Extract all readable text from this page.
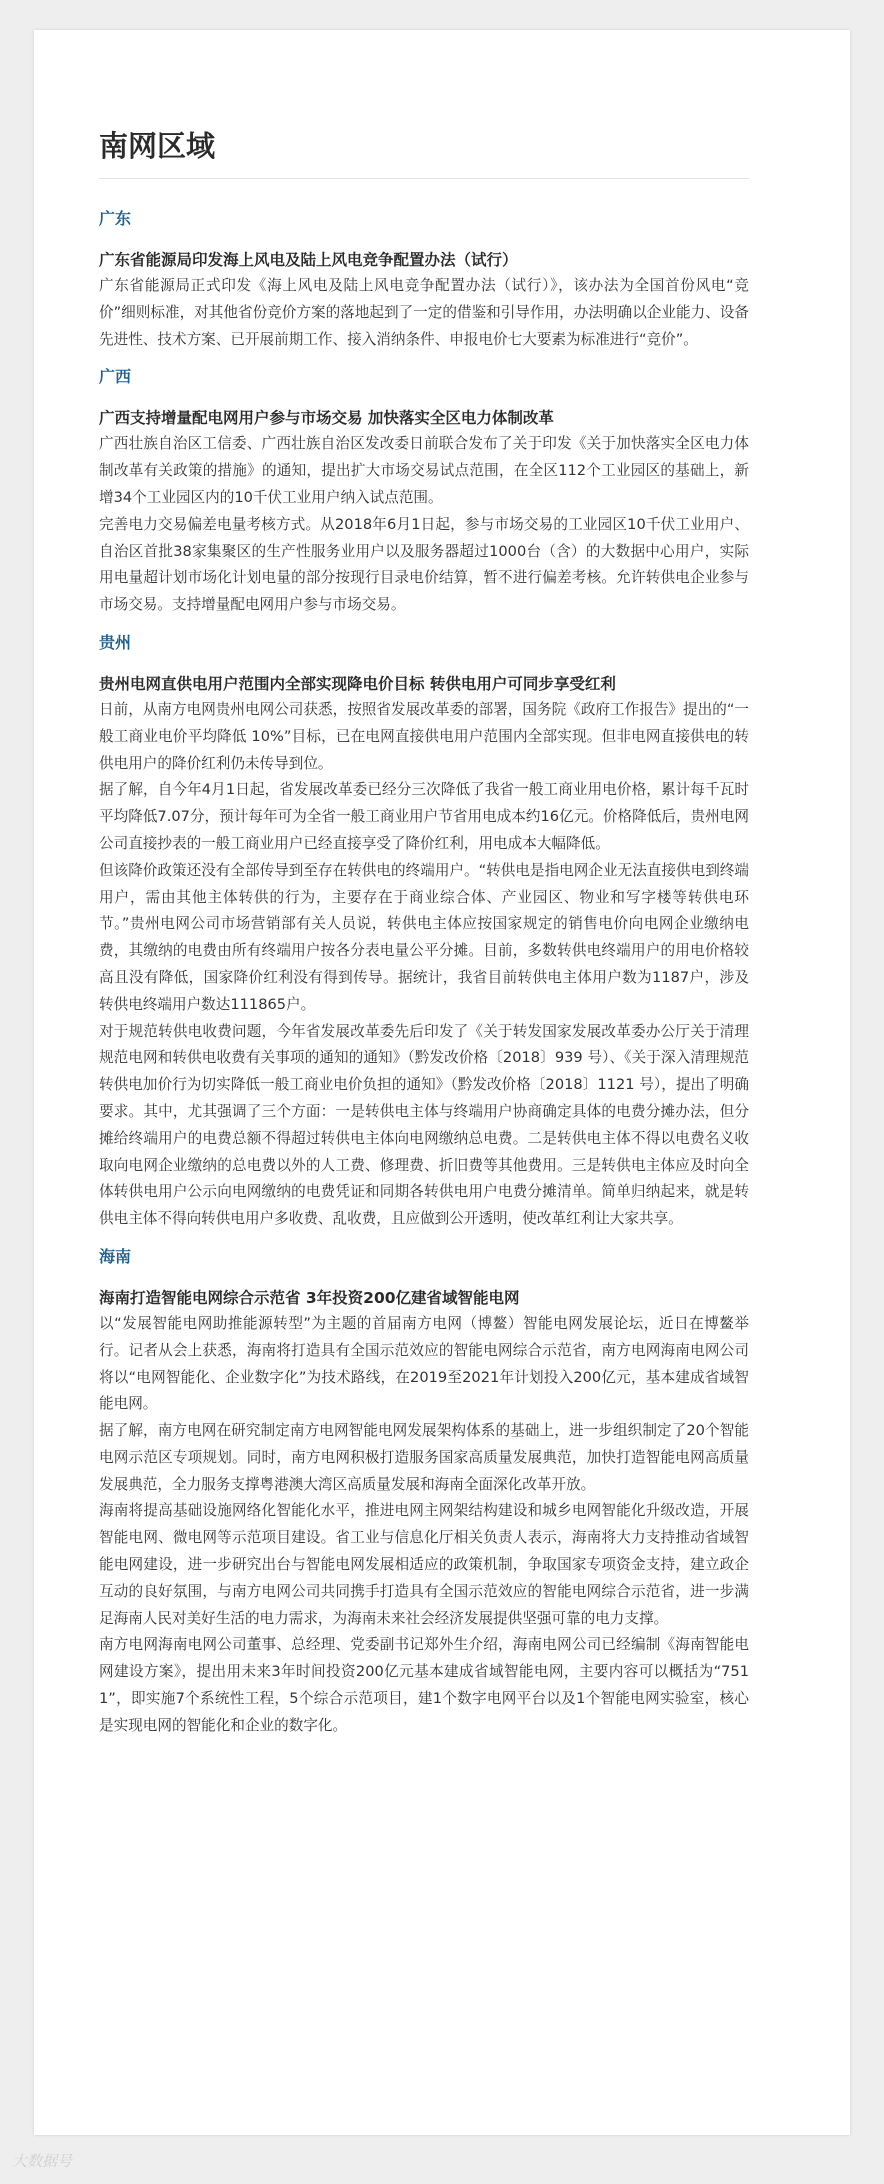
南网区域
广东
广东省能源局印发海上风电及陆上风电竞争配置办法（试行）

广东省能源局正式印发《海上风电及陆上风电竞争配置办法（试行）》，该办法为全国首份风电“竞价”细则标准，对其他省份竞价方案的落地起到了一定的借鉴和引导作用，办法明确以企业能力、设备先进性、技术方案、已开展前期工作、接入消纳条件、申报电价七大要素为标准进行“竞价”。

广西
广西支持增量配电网用户参与市场交易 加快落实全区电力体制改革

广西壮族自治区工信委、广西壮族自治区发改委日前联合发布了关于印发《关于加快落实全区电力体制改革有关政策的措施》的通知，提出扩大市场交易试点范围，在全区112个工业园区的基础上，新增34个工业园区内的10千伏工业用户纳入试点范围。

完善电力交易偏差电量考核方式。从2018年6月1日起，参与市场交易的工业园区10千伏工业用户、自治区首批38家集聚区的生产性服务业用户以及服务器超过1000台（含）的大数据中心用户，实际用电量超计划市场化计划电量的部分按现行目录电价结算，暂不进行偏差考核。允许转供电企业参与市场交易。支持增量配电网用户参与市场交易。

贵州
贵州电网直供电用户范围内全部实现降电价目标 转供电用户可同步享受红利

日前，从南方电网贵州电网公司获悉，按照省发展改革委的部署，国务院《政府工作报告》提出的“一般工商业电价平均降低 10%”目标，已在电网直接供电用户范围内全部实现。但非电网直接供电的转供电用户的降价红利仍未传导到位。

据了解，自今年4月1日起，省发展改革委已经分三次降低了我省一般工商业用电价格，累计每千瓦时平均降低7.07分，预计每年可为全省一般工商业用户节省用电成本约16亿元。价格降低后，贵州电网公司直接抄表的一般工商业用户已经直接享受了降价红利，用电成本大幅降低。

但该降价政策还没有全部传导到至存在转供电的终端用户。“转供电是指电网企业无法直接供电到终端用户，需由其他主体转供的行为，主要存在于商业综合体、产业园区、物业和写字楼等转供电环节。”贵州电网公司市场营销部有关人员说，转供电主体应按国家规定的销售电价向电网企业缴纳电费，其缴纳的电费由所有终端用户按各分表电量公平分摊。目前，多数转供电终端用户的用电价格较高且没有降低，国家降价红利没有得到传导。据统计，我省目前转供电主体用户数为1187户，涉及转供电终端用户数达111865户。

对于规范转供电收费问题，今年省发展改革委先后印发了《关于转发国家发展改革委办公厅关于清理规范电网和转供电收费有关事项的通知的通知》（黔发改价格〔2018〕939 号）、《关于深入清理规范转供电加价行为切实降低一般工商业电价负担的通知》（黔发改价格〔2018〕1121 号），提出了明确要求。其中，尤其强调了三个方面：一是转供电主体与终端用户协商确定具体的电费分摊办法，但分摊给终端用户的电费总额不得超过转供电主体向电网缴纳总电费。二是转供电主体不得以电费名义收取向电网企业缴纳的总电费以外的人工费、修理费、折旧费等其他费用。三是转供电主体应及时向全体转供电用户公示向电网缴纳的电费凭证和同期各转供电用户电费分摊清单。简单归纳起来，就是转供电主体不得向转供电用户多收费、乱收费，且应做到公开透明，使改革红利让大家共享。

海南
海南打造智能电网综合示范省 3年投资200亿建省域智能电网

以“发展智能电网助推能源转型”为主题的首届南方电网（博鳌）智能电网发展论坛，近日在博鳌举行。记者从会上获悉，海南将打造具有全国示范效应的智能电网综合示范省，南方电网海南电网公司将以“电网智能化、企业数字化”为技术路线，在2019至2021年计划投入200亿元，基本建成省域智能电网。

据了解，南方电网在研究制定南方电网智能电网发展架构体系的基础上，进一步组织制定了20个智能电网示范区专项规划。同时，南方电网积极打造服务国家高质量发展典范，加快打造智能电网高质量发展典范，全力服务支撑粤港澳大湾区高质量发展和海南全面深化改革开放。

海南将提高基础设施网络化智能化水平，推进电网主网架结构建设和城乡电网智能化升级改造，开展智能电网、微电网等示范项目建设。省工业与信息化厅相关负责人表示，海南将大力支持推动省域智能电网建设，进一步研究出台与智能电网发展相适应的政策机制，争取国家专项资金支持，建立政企互动的良好氛围，与南方电网公司共同携手打造具有全国示范效应的智能电网综合示范省，进一步满足海南人民对美好生活的电力需求，为海南未来社会经济发展提供坚强可靠的电力支撑。

南方电网海南电网公司董事、总经理、党委副书记郑外生介绍，海南电网公司已经编制《海南智能电网建设方案》，提出用未来3年时间投资200亿元基本建成省域智能电网，主要内容可以概括为“7511”，即实施7个系统性工程，5个综合示范项目，建1个数字电网平台以及1个智能电网实验室，核心是实现电网的智能化和企业的数字化。

大数据号
